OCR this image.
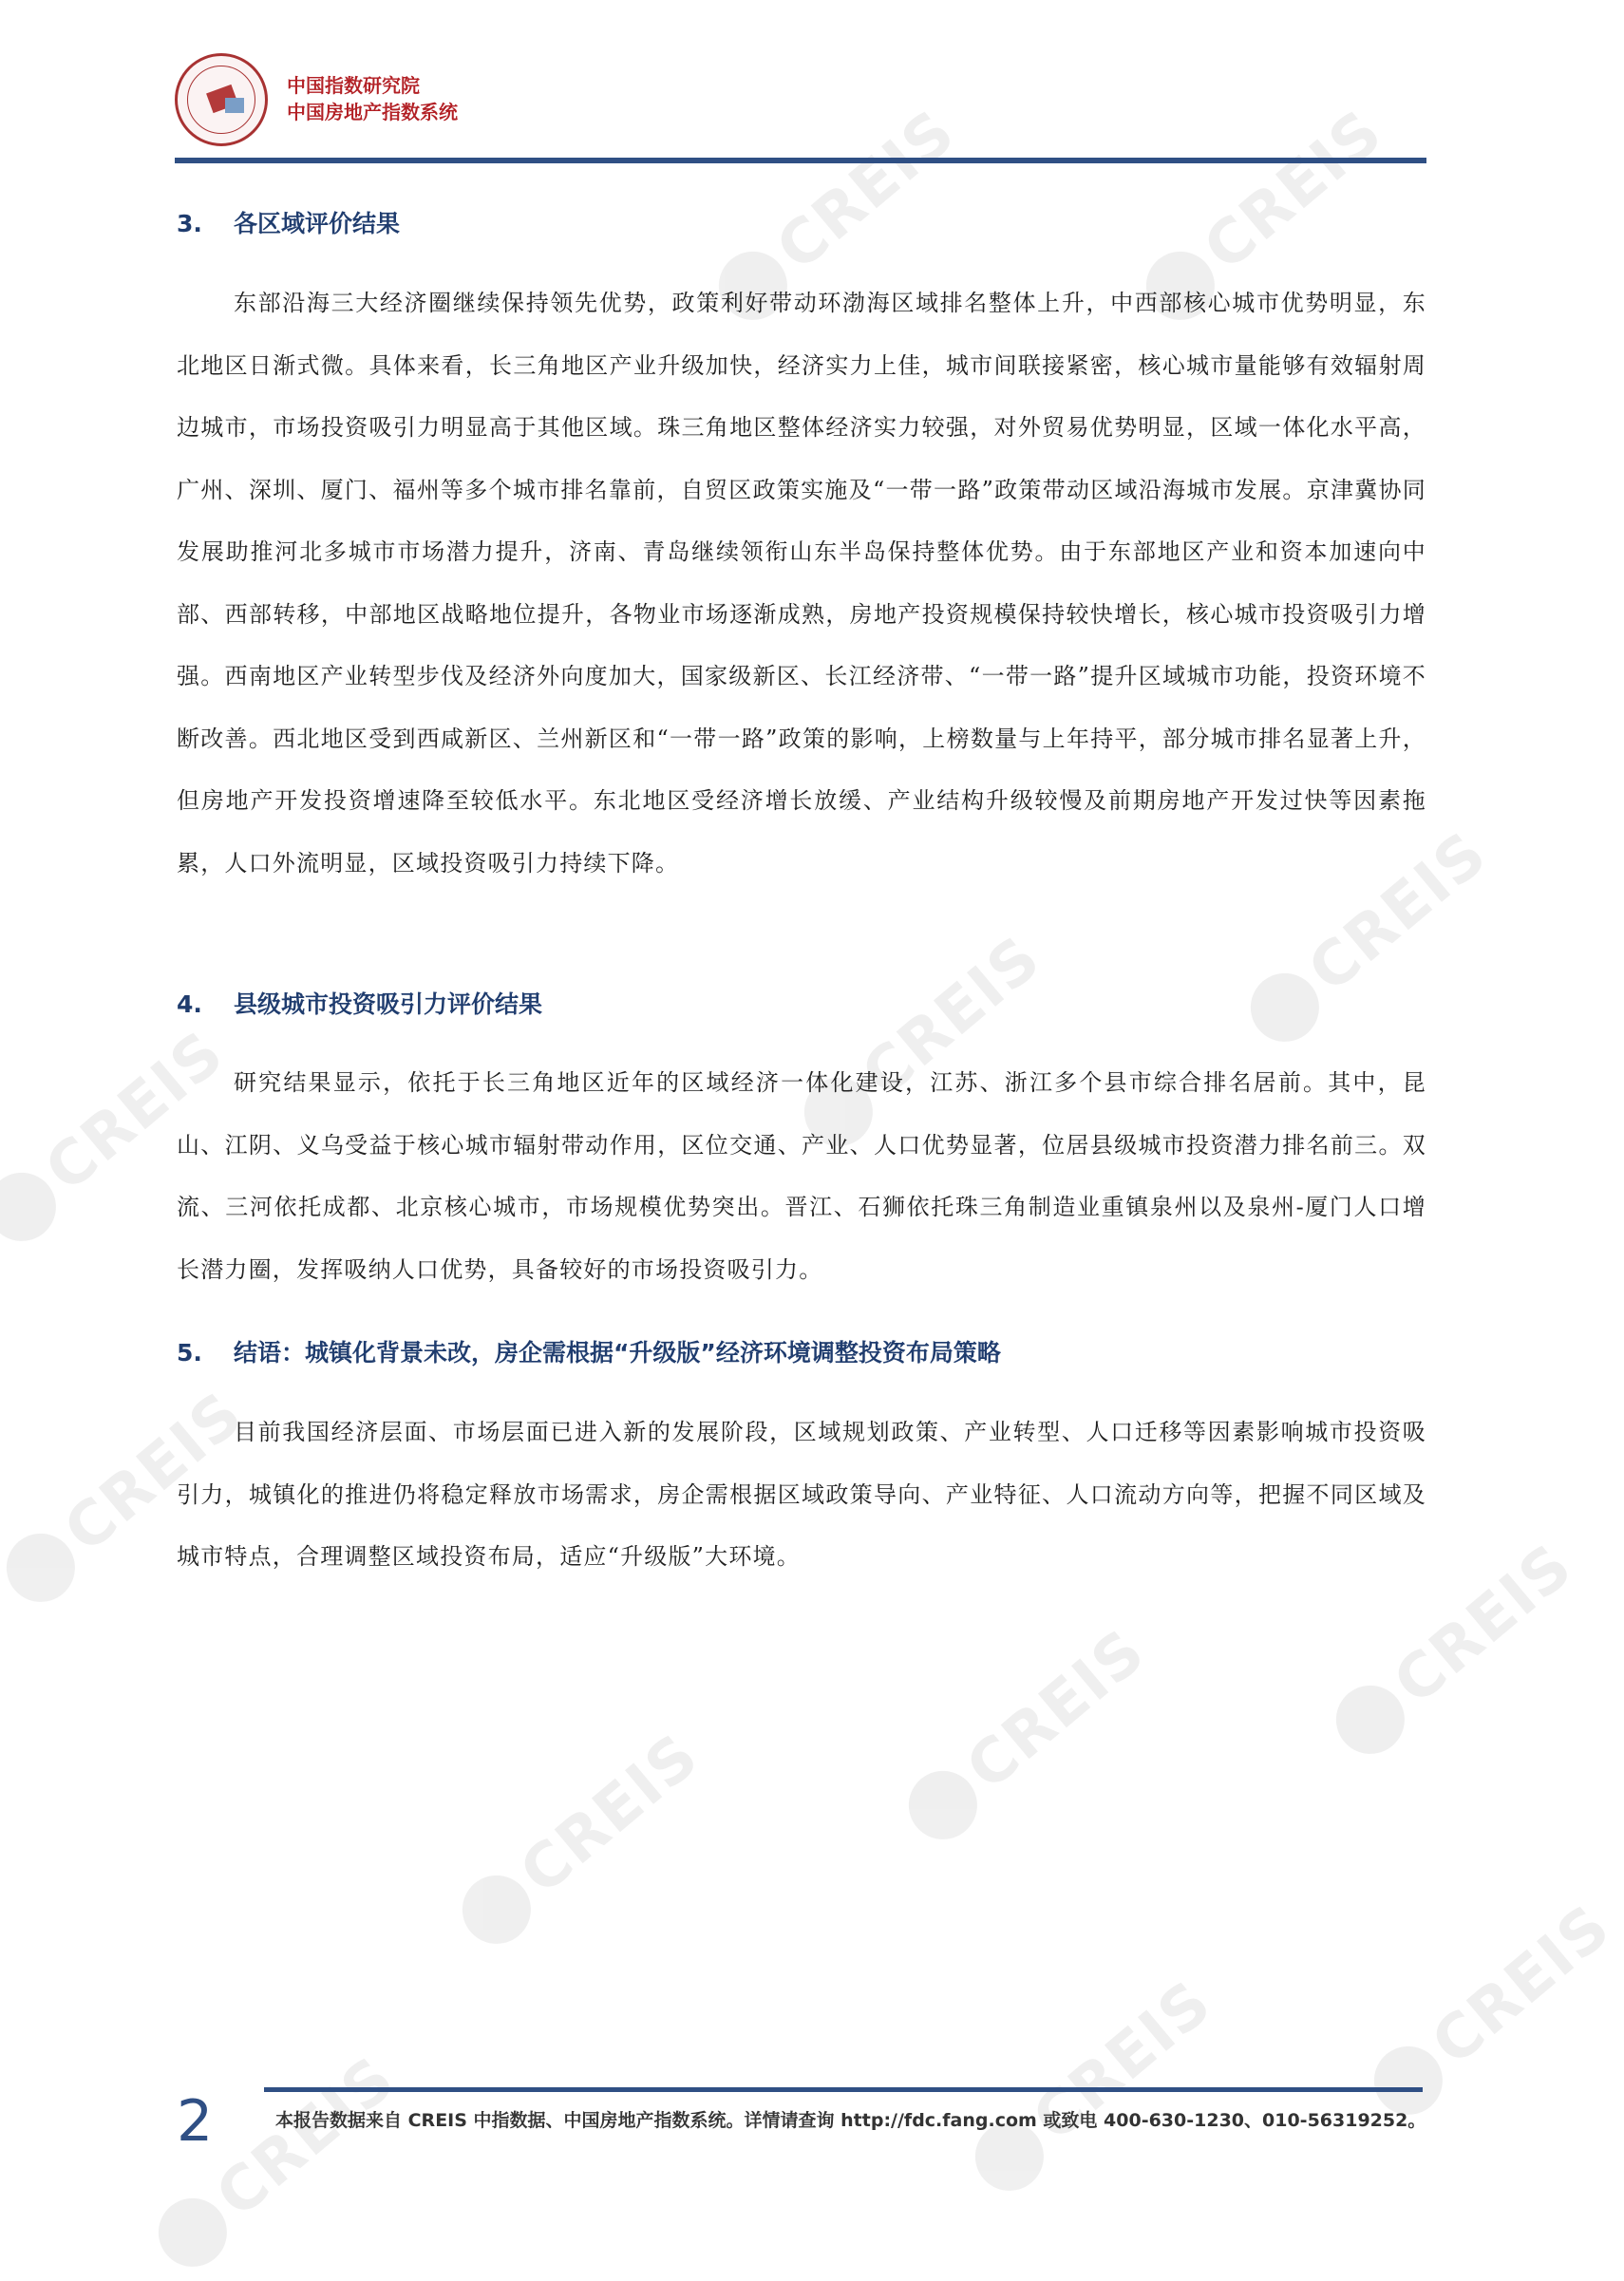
CREIS	CREIS
CREIS
CREIS
CREIS
CREIS
CREIS
CREIS
CREIS
CREIS	CREIS
CREIS
中国指数研究院
中国房地产指数系统
3. 各区域评价结果
东部沿海三大经济圈继续保持领先优势，政策利好带动环渤海区域排名整体上升，中西部核心城市优势明显，东北地区日渐式微。具体来看，长三角地区产业升级加快，经济实力上佳，城市间联接紧密，核心城市量能够有效辐射周边城市，市场投资吸引力明显高于其他区域。珠三角地区整体经济实力较强，对外贸易优势明显，区域一体化水平高，广州、深圳、厦门、福州等多个城市排名靠前，自贸区政策实施及“一带一路”政策带动区域沿海城市发展。京津冀协同发展助推河北多城市市场潜力提升，济南、青岛继续领衔山东半岛保持整体优势。由于东部地区产业和资本加速向中部、西部转移，中部地区战略地位提升，各物业市场逐渐成熟，房地产投资规模保持较快增长，核心城市投资吸引力增强。西南地区产业转型步伐及经济外向度加大，国家级新区、长江经济带、“一带一路”提升区域城市功能，投资环境不断改善。西北地区受到西咸新区、兰州新区和“一带一路”政策的影响，上榜数量与上年持平，部分城市排名显著上升，但房地产开发投资增速降至较低水平。东北地区受经济增长放缓、产业结构升级较慢及前期房地产开发过快等因素拖累，人口外流明显，区域投资吸引力持续下降。
4. 县级城市投资吸引力评价结果
研究结果显示，依托于长三角地区近年的区域经济一体化建设，江苏、浙江多个县市综合排名居前。其中，昆山、江阴、义乌受益于核心城市辐射带动作用，区位交通、产业、人口优势显著，位居县级城市投资潜力排名前三。双流、三河依托成都、北京核心城市，市场规模优势突出。晋江、石狮依托珠三角制造业重镇泉州以及泉州-厦门人口增长潜力圈，发挥吸纳人口优势，具备较好的市场投资吸引力。
5. 结语：城镇化背景未改，房企需根据“升级版”经济环境调整投资布局策略
目前我国经济层面、市场层面已进入新的发展阶段，区域规划政策、产业转型、人口迁移等因素影响城市投资吸引力，城镇化的推进仍将稳定释放市场需求，房企需根据区域政策导向、产业特征、人口流动方向等，把握不同区域及城市特点，合理调整区域投资布局，适应“升级版”大环境。
2	本报告数据来自 CREIS 中指数据、中国房地产指数系统。详情请查询 http://fdc.fang.com 或致电 400-630-1230、010-56319252。
